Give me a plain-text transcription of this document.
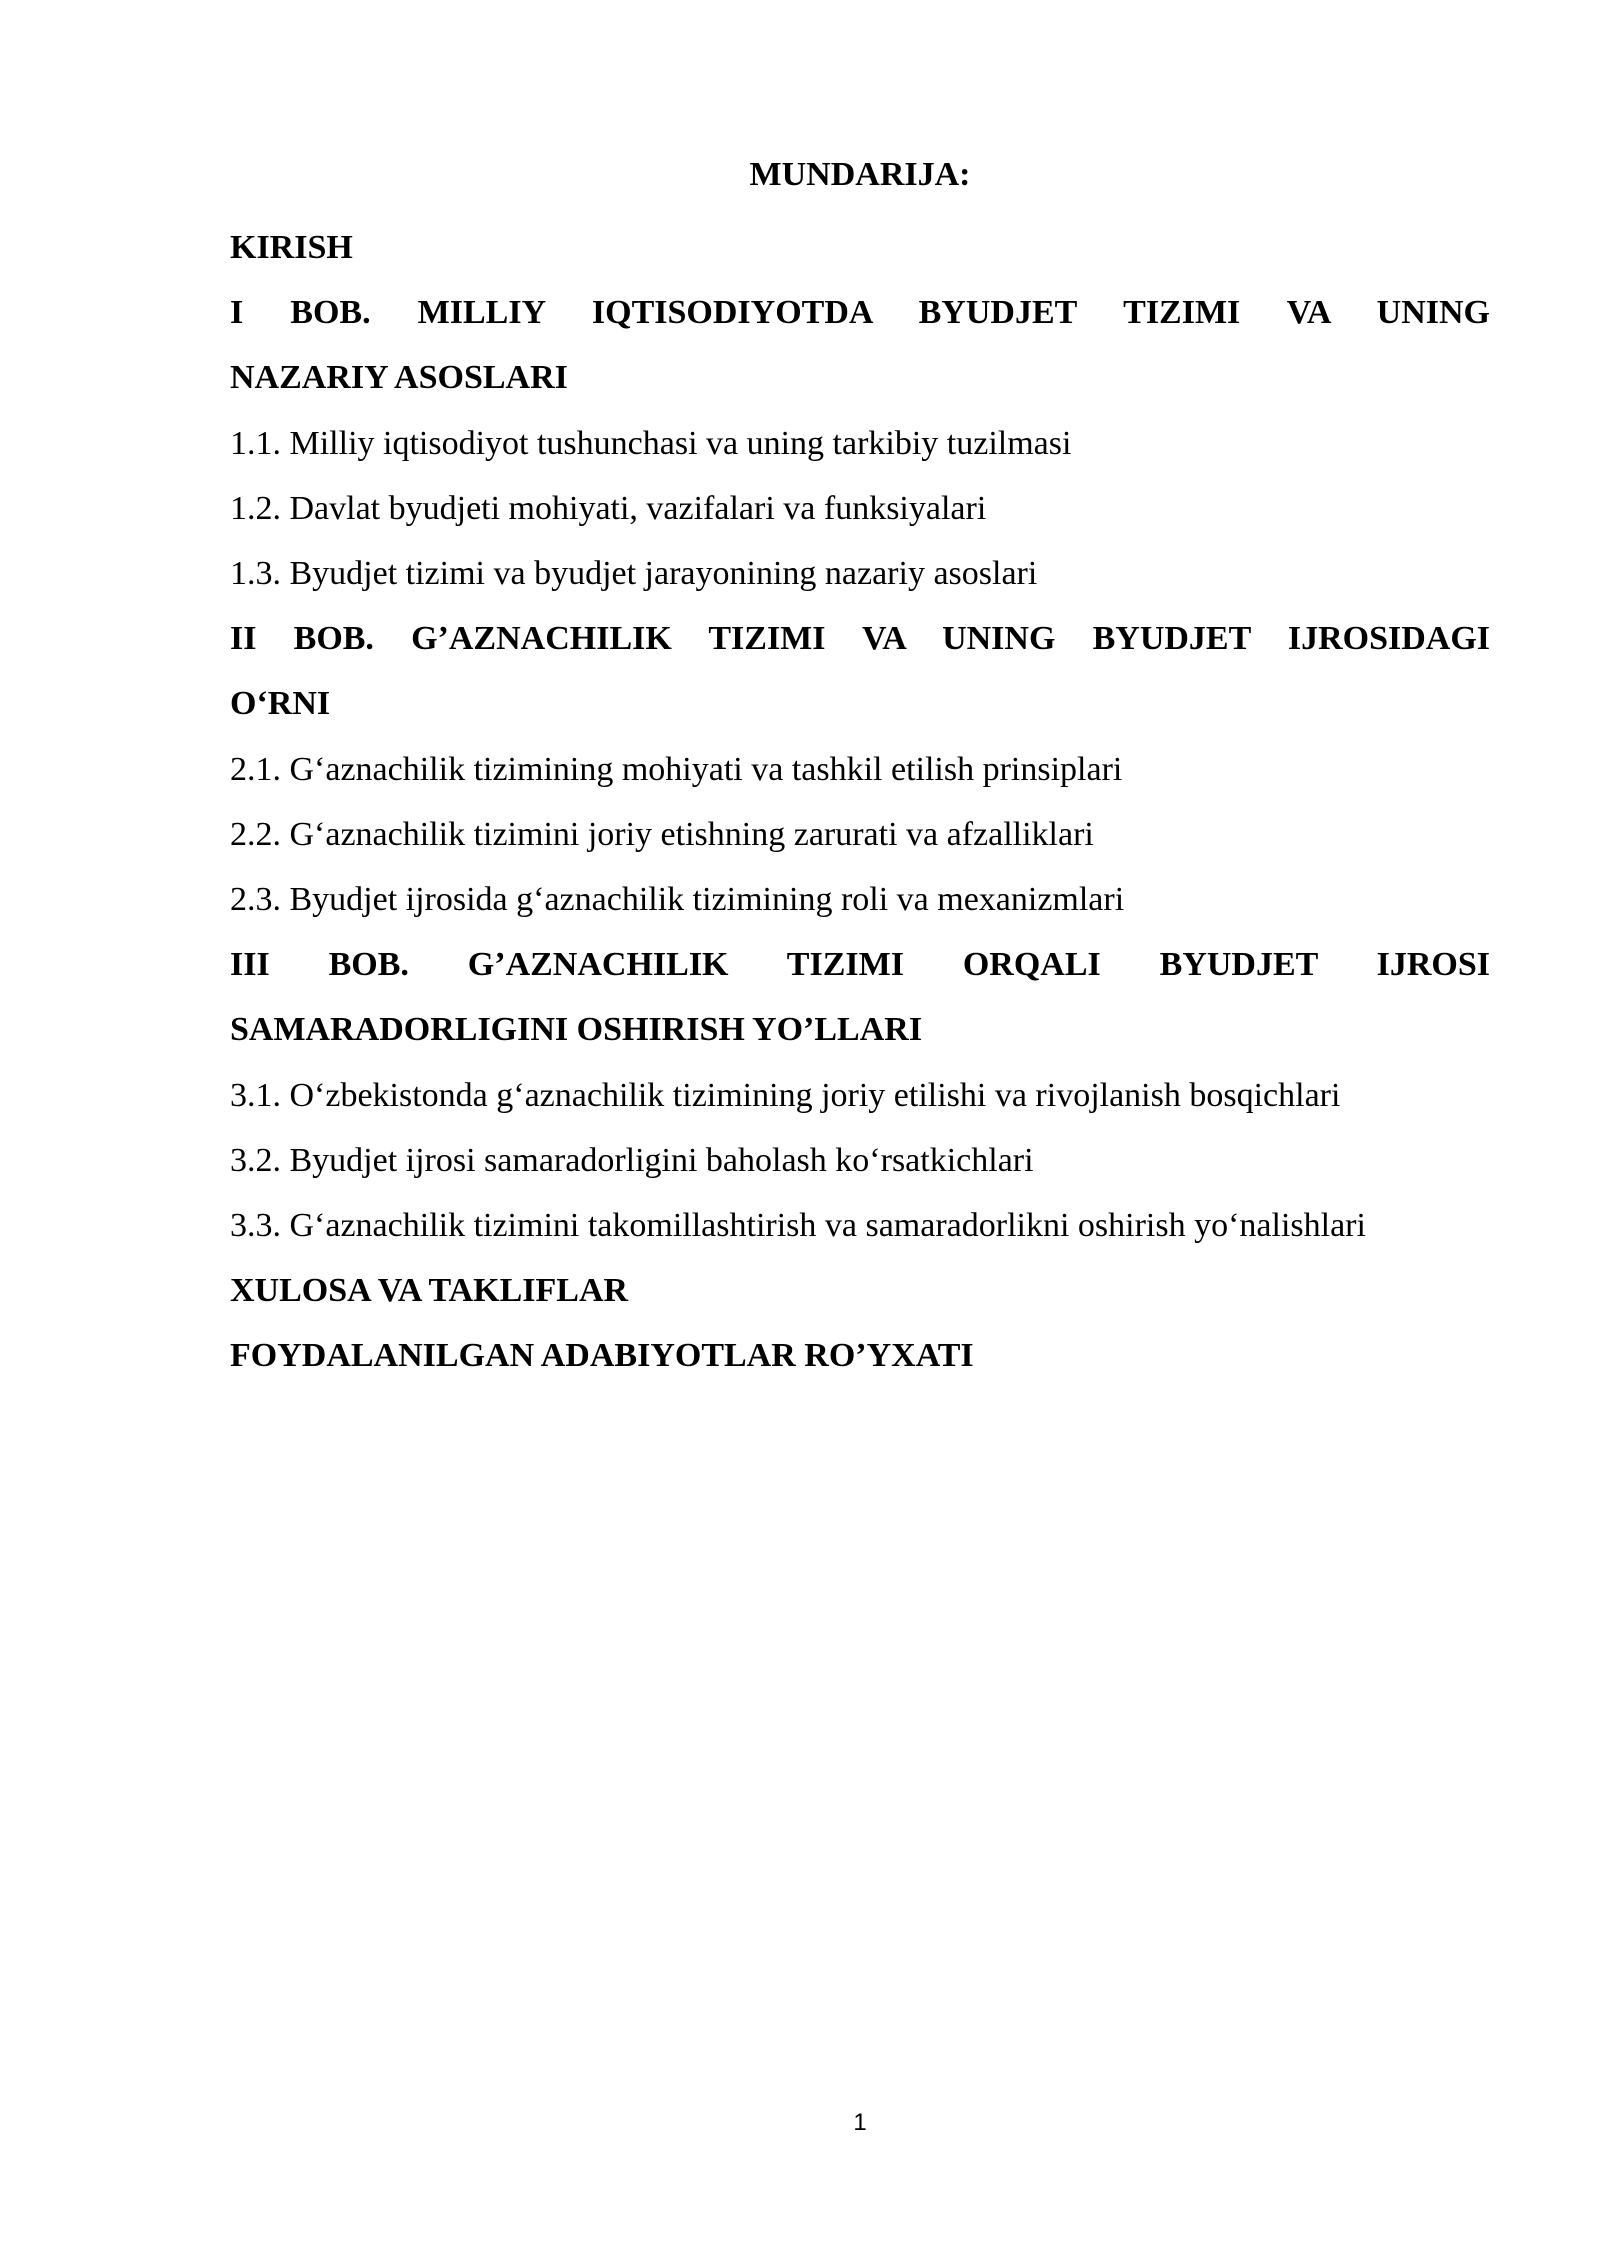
MUNDARIJA:
KIRISH
I BOB. MILLIY IQTISODIYOTDA BYUDJET TIZIMI VA UNING
NAZARIY ASOSLARI
1.1. Milliy iqtisodiyot tushunchasi va uning tarkibiy tuzilmasi
1.2. Davlat byudjeti mohiyati, vazifalari va funksiyalari
1.3. Byudjet tizimi va byudjet jarayonining nazariy asoslari
II BOB. G’AZNACHILIK TIZIMI VA UNING BYUDJET IJROSIDAGI
O‘RNI
2.1. G‘aznachilik tizimining mohiyati va tashkil etilish prinsiplari
2.2. G‘aznachilik tizimini joriy etishning zarurati va afzalliklari
2.3. Byudjet ijrosida g‘aznachilik tizimining roli va mexanizmlari
III BOB. G’AZNACHILIK TIZIMI ORQALI BYUDJET IJROSI
SAMARADORLIGINI OSHIRISH YO’LLARI
3.1. O‘zbekistonda g‘aznachilik tizimining joriy etilishi va rivojlanish bosqichlari
3.2. Byudjet ijrosi samaradorligini baholash ko‘rsatkichlari
3.3. G‘aznachilik tizimini takomillashtirish va samaradorlikni oshirish yo‘nalishlari
XULOSA VA TAKLIFLAR
FOYDALANILGAN ADABIYOTLAR RO’YXATI
1
